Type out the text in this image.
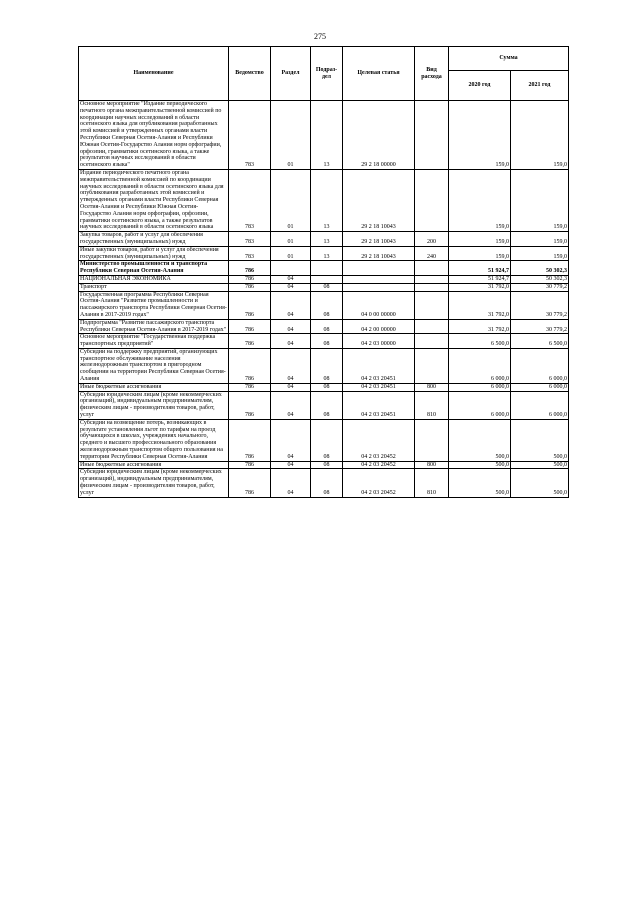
275
Наименование	Ведомство	Раздел	Подраз-дел	Целевая статья	Вид расхода	Сумма	
						2020 год	2021 год
Основное мероприятие "Издание периодического печатного органа межправительственной комиссией по координации научных исследований в области осетинского языка для опубликования разработанных этой комиссией и утвержденных органами власти Республики Северная Осетия-Алания и Республики Южная Осетия-Государство Алания норм орфографии, орфоэпии, грамматики осетинского языка, а также результатов научных исследований в области осетинского языка"	783	01	13	29 2 18 00000		159,0	159,0
Издание периодического печатного органа межправительственной комиссией по координации научных исследований в области осетинского языка для опубликования разработанных этой комиссией и утвержденных органами власти Республики Северная Осетия-Алания и Республики Южная Осетия-Государство Алания норм орфографии, орфоэпии, грамматики осетинского языка, а также результатов научных исследований в области осетинского языка	783	01	13	29 2 18 10043		159,0	159,0
Закупка товаров, работ и услуг для обеспечения государственных (муниципальных) нужд	783	01	13	29 2 18 10043	200	159,0	159,0
Иные закупки товаров, работ и услуг для обеспечения государственных (муниципальных) нужд	783	01	13	29 2 18 10043	240	159,0	159,0
Министерство промышленности и транспорта Республики Северная Осетия-Алания	786					51 924,7	50 302,3
НАЦИОНАЛЬНАЯ ЭКОНОМИКА	786	04				51 924,7	50 302,3
Транспорт	786	04	08			31 792,0	30 779,2
Государственная программа Республики Северная Осетия-Алания "Развитие промышленности и пассажирского транспорта Республики Северная Осетия-Алания в 2017-2019 годах"	786	04	08	04 0 00 00000		31 792,0	30 779,2
Подпрограмма "Развитие пассажирского транспорта Республики Северная Осетия-Алания в 2017-2019 годах"	786	04	08	04 2 00 00000		31 792,0	30 779,2
Основное мероприятие "Государственная поддержка транспортных предприятий"	786	04	08	04 2 03 00000		6 500,0	6 500,0
Субсидии на поддержку предприятий, организующих транспортное обслуживание населения железнодорожным транспортом в пригородном сообщении на территории Республики Северная Осетия-Алания	786	04	08	04 2 03 20451		6 000,0	6 000,0
Иные бюджетные ассигнования	786	04	08	04 2 03 20451	800	6 000,0	6 000,0
Субсидии юридическим лицам (кроме некоммерческих организаций), индивидуальным предпринимателям, физическим лицам - производителям товаров, работ, услуг	786	04	08	04 2 03 20451	810	6 000,0	6 000,0
Субсидии на возмещение потерь, возникающих в результате установления льгот по тарифам на проезд обучающихся в школах, учреждениях начального, среднего и высшего профессионального образования железнодорожным транспортом общего пользования на территории Республики Северная Осетия-Алания	786	04	08	04 2 03 20452		500,0	500,0
Иные бюджетные ассигнования	786	04	08	04 2 03 20452	800	500,0	500,0
Субсидии юридическим лицам (кроме некоммерческих организаций), индивидуальным предпринимателям, физическим лицам - производителям товаров, работ, услуг	786	04	08	04 2 03 20452	810	500,0	500,0
